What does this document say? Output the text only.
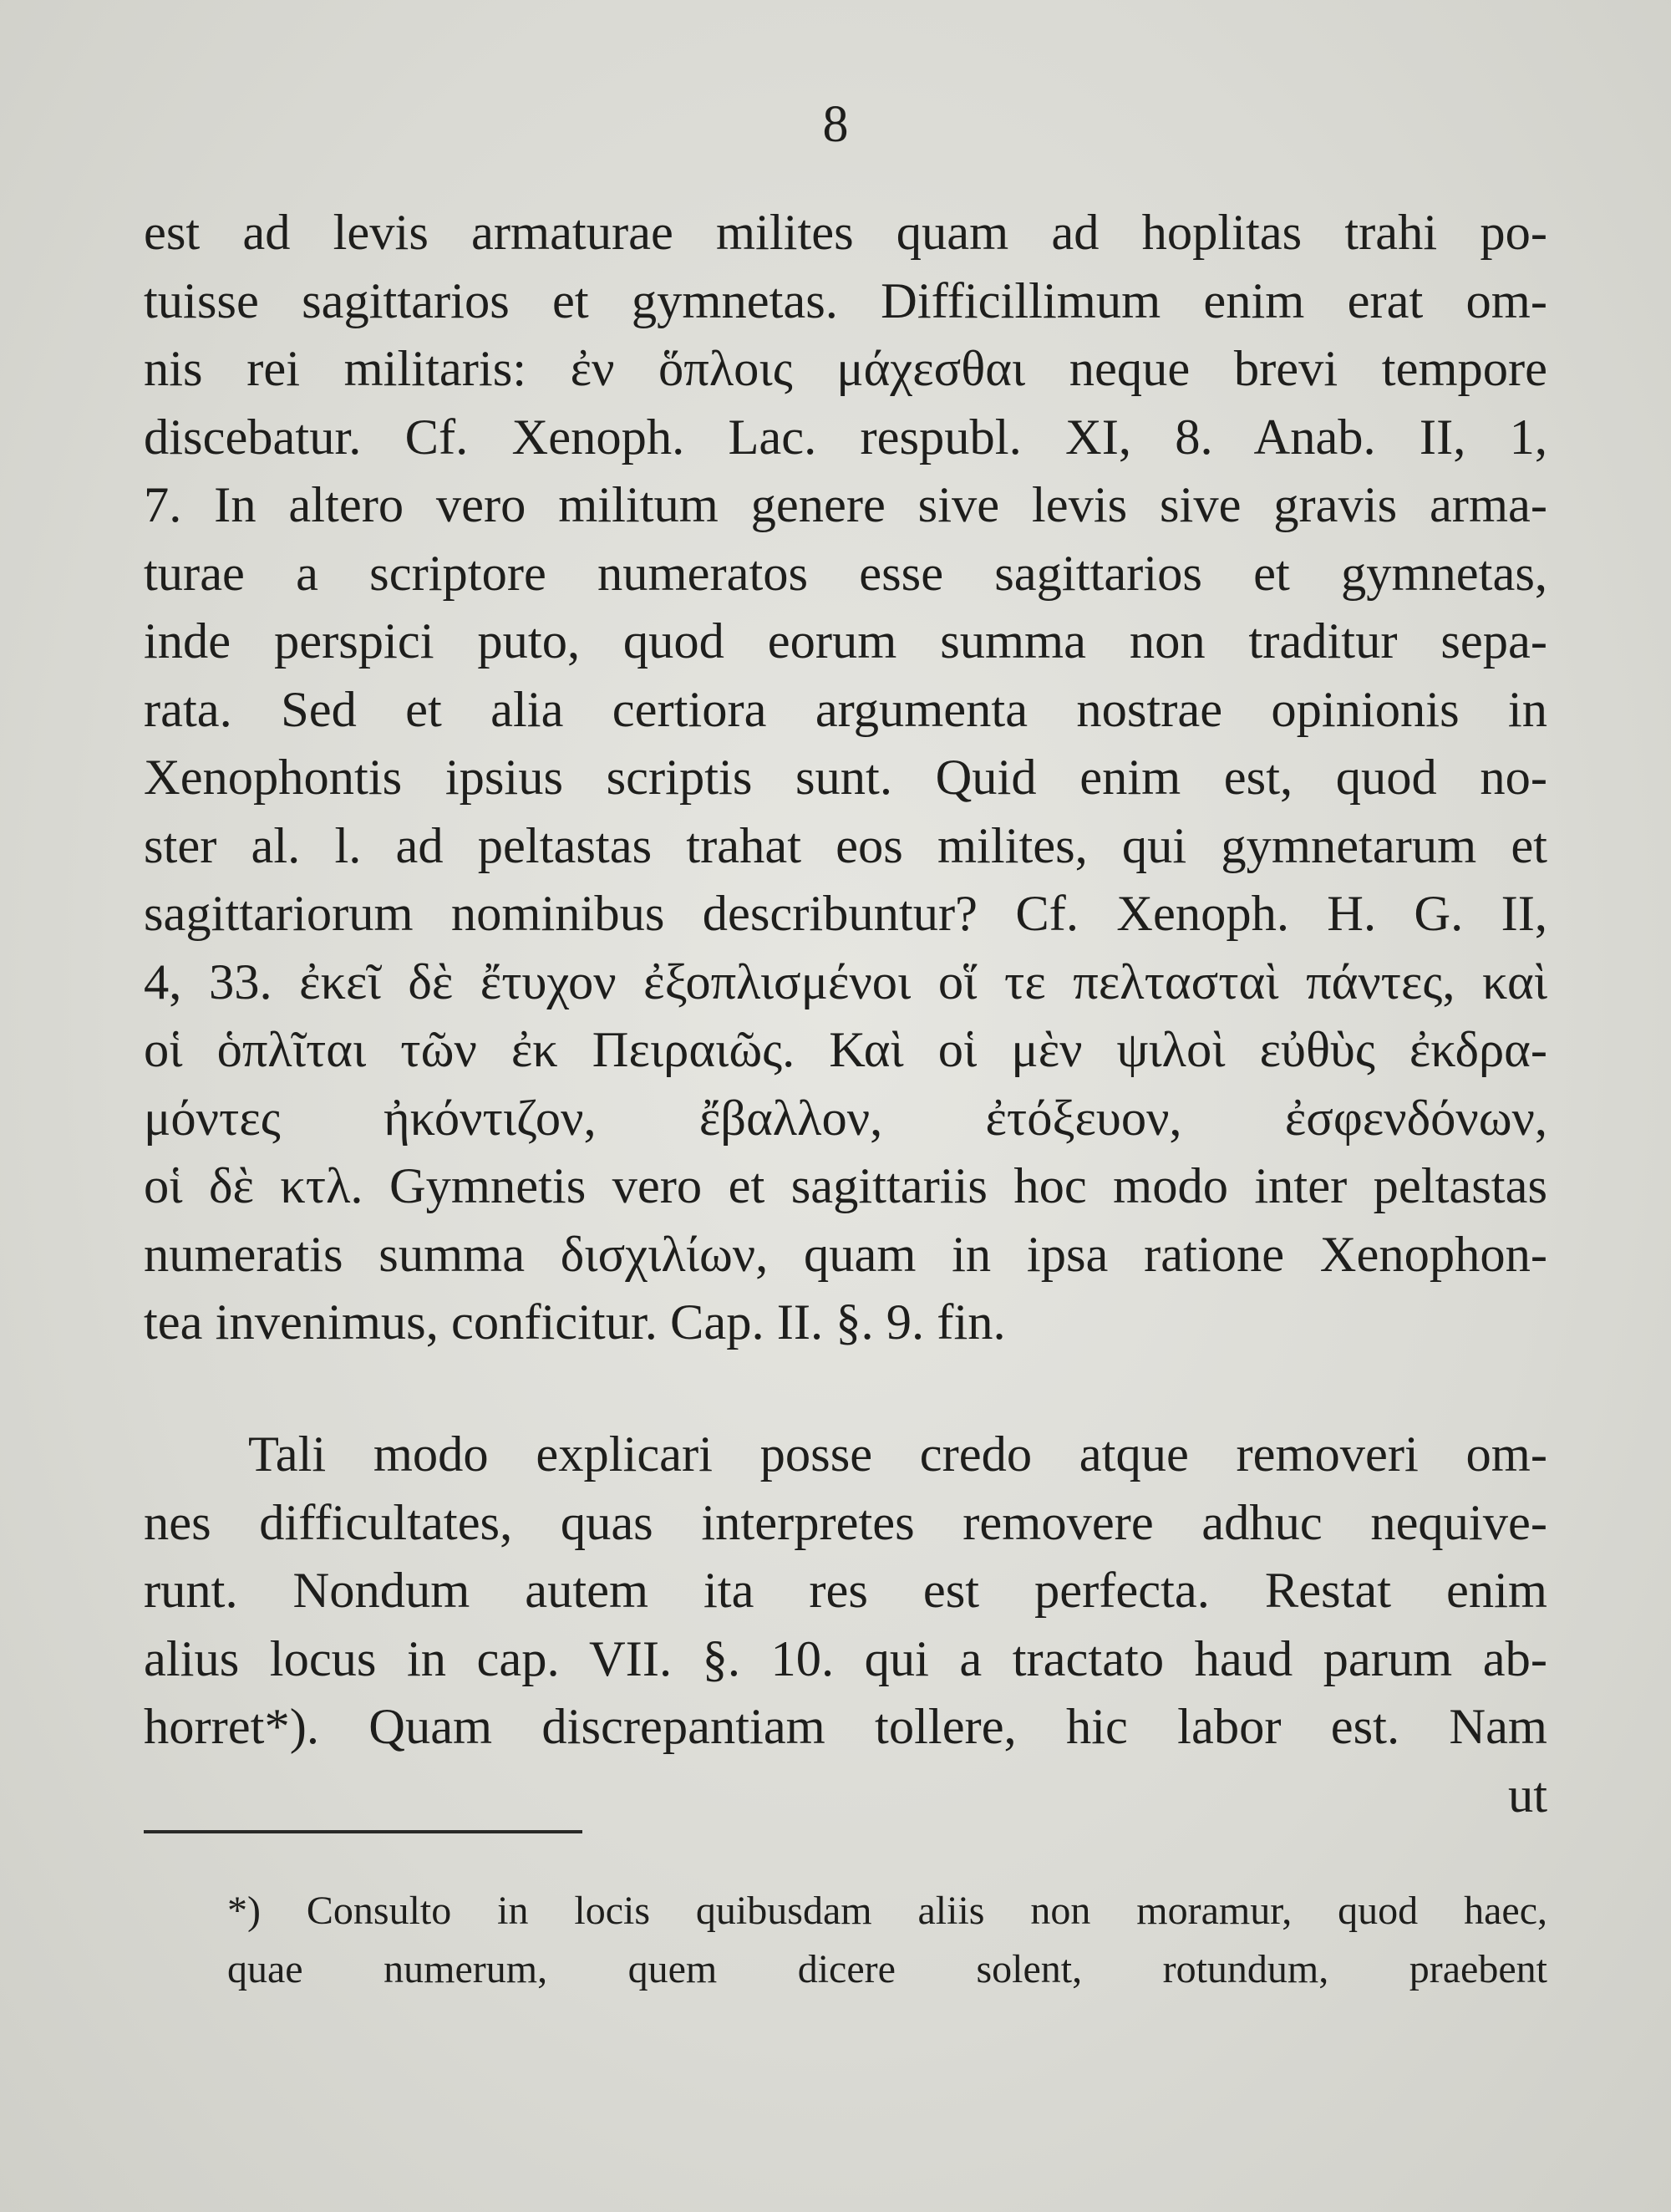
8
est ad levis armaturae milites quam ad hoplitas trahi po-
tuisse sagittarios et gymnetas. Difficillimum enim erat om-
nis rei militaris: ἐν ὅπλοις μάχεσθαι neque brevi tempore
discebatur. Cf. Xenoph. Lac. respubl. XI, 8. Anab. II, 1,
7. In altero vero militum genere sive levis sive gravis arma-
turae a scriptore numeratos esse sagittarios et gymnetas,
inde perspici puto, quod eorum summa non traditur sepa-
rata. Sed et alia certiora argumenta nostrae opinionis in
Xenophontis ipsius scriptis sunt. Quid enim est, quod no-
ster al. l. ad peltastas trahat eos milites, qui gymnetarum et
sagittariorum nominibus describuntur? Cf. Xenoph. H. G. II,
4, 33. ἐκεῖ δὲ ἔτυχον ἐξοπλισμένοι οἵ τε πελτασταὶ πάντες, καὶ
οἱ ὁπλῖται τῶν ἐκ Πειραιῶς. Καὶ οἱ μὲν ψιλοὶ εὐθὺς ἐκδρα-
μόντες ἠκόντιζον, ἔβαλλον, ἐτόξευον, ἐσφενδόνων,
οἱ δὲ κτλ. Gymnetis vero et sagittariis hoc modo inter peltastas
numeratis summa δισχιλίων, quam in ipsa ratione Xenophon-
tea invenimus, conficitur. Cap. II. §. 9. fin.
Tali modo explicari posse credo atque removeri om-
nes difficultates, quas interpretes removere adhuc nequive-
runt. Nondum autem ita res est perfecta. Restat enim
alius locus in cap. VII. §. 10. qui a tractato haud parum ab-
horret*). Quam discrepantiam tollere, hic labor est. Nam
ut
*) Consulto in locis quibusdam aliis non moramur, quod haec,
quae numerum, quem dicere solent, rotundum, praebent
